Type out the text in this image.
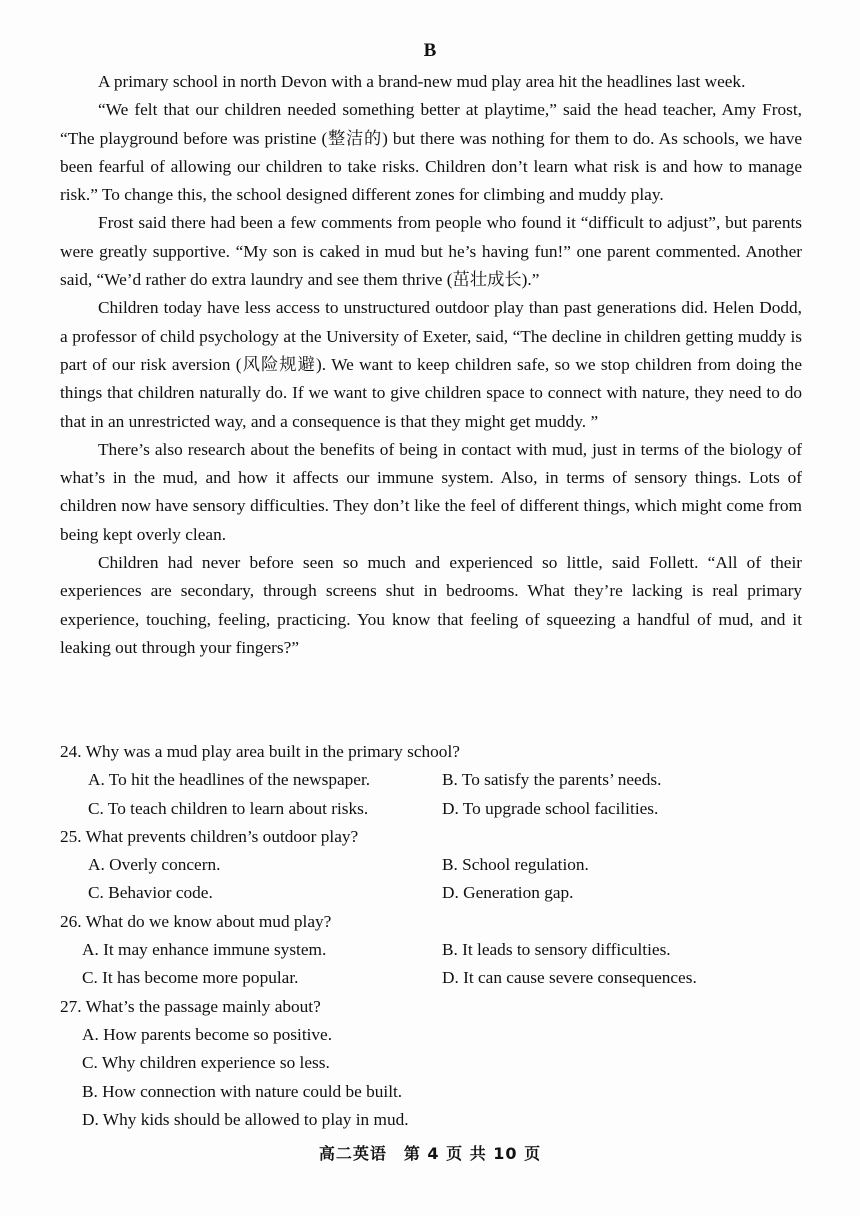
B

A primary school in north Devon with a brand-new mud play area hit the headlines last week.

“We felt that our children needed something better at playtime,” said the head teacher, Amy Frost, “The playground before was pristine (整洁的) but there was nothing for them to do. As schools, we have been fearful of allowing our children to take risks. Children don’t learn what risk is and how to manage risk.” To change this, the school designed different zones for climbing and muddy play.

Frost said there had been a few comments from people who found it “difficult to adjust”, but parents were greatly supportive. “My son is caked in mud but he’s having fun!” one parent commented. Another said, “We’d rather do extra laundry and see them thrive (茁壮成长).”

Children today have less access to unstructured outdoor play than past generations did. Helen Dodd, a professor of child psychology at the University of Exeter, said, “The decline in children getting muddy is part of our risk aversion (风险规避). We want to keep children safe, so we stop children from doing the things that children naturally do. If we want to give children space to connect with nature, they need to do that in an unrestricted way, and a consequence is that they might get muddy. ”

There’s also research about the benefits of being in contact with mud, just in terms of the biology of what’s in the mud, and how it affects our immune system. Also, in terms of sensory things. Lots of children now have sensory difficulties. They don’t like the feel of different things, which might come from being kept overly clean.

Children had never before seen so much and experienced so little, said Follett. “All of their experiences are secondary, through screens shut in bedrooms. What they’re lacking is real primary experience, touching, feeling, practicing. You know that feeling of squeezing a handful of mud, and it leaking out through your fingers?”

24. Why was a mud play area built in the primary school?
A. To hit the headlines of the newspaper.	B. To satisfy the parents’ needs.
C. To teach children to learn about risks.	D. To upgrade school facilities.
25. What prevents children’s outdoor play?
A. Overly concern.	B. School regulation.
C. Behavior code.	D. Generation gap.
26. What do we know about mud play?
A. It may enhance immune system.	B. It leads to sensory difficulties.
C. It has become more popular.	D. It can cause severe consequences.
27. What’s the passage mainly about?
A. How parents become so positive.
C. Why children experience so less.
B. How connection with nature could be built.
D. Why kids should be allowed to play in mud.
高二英语　第 4 页 共 10 页
